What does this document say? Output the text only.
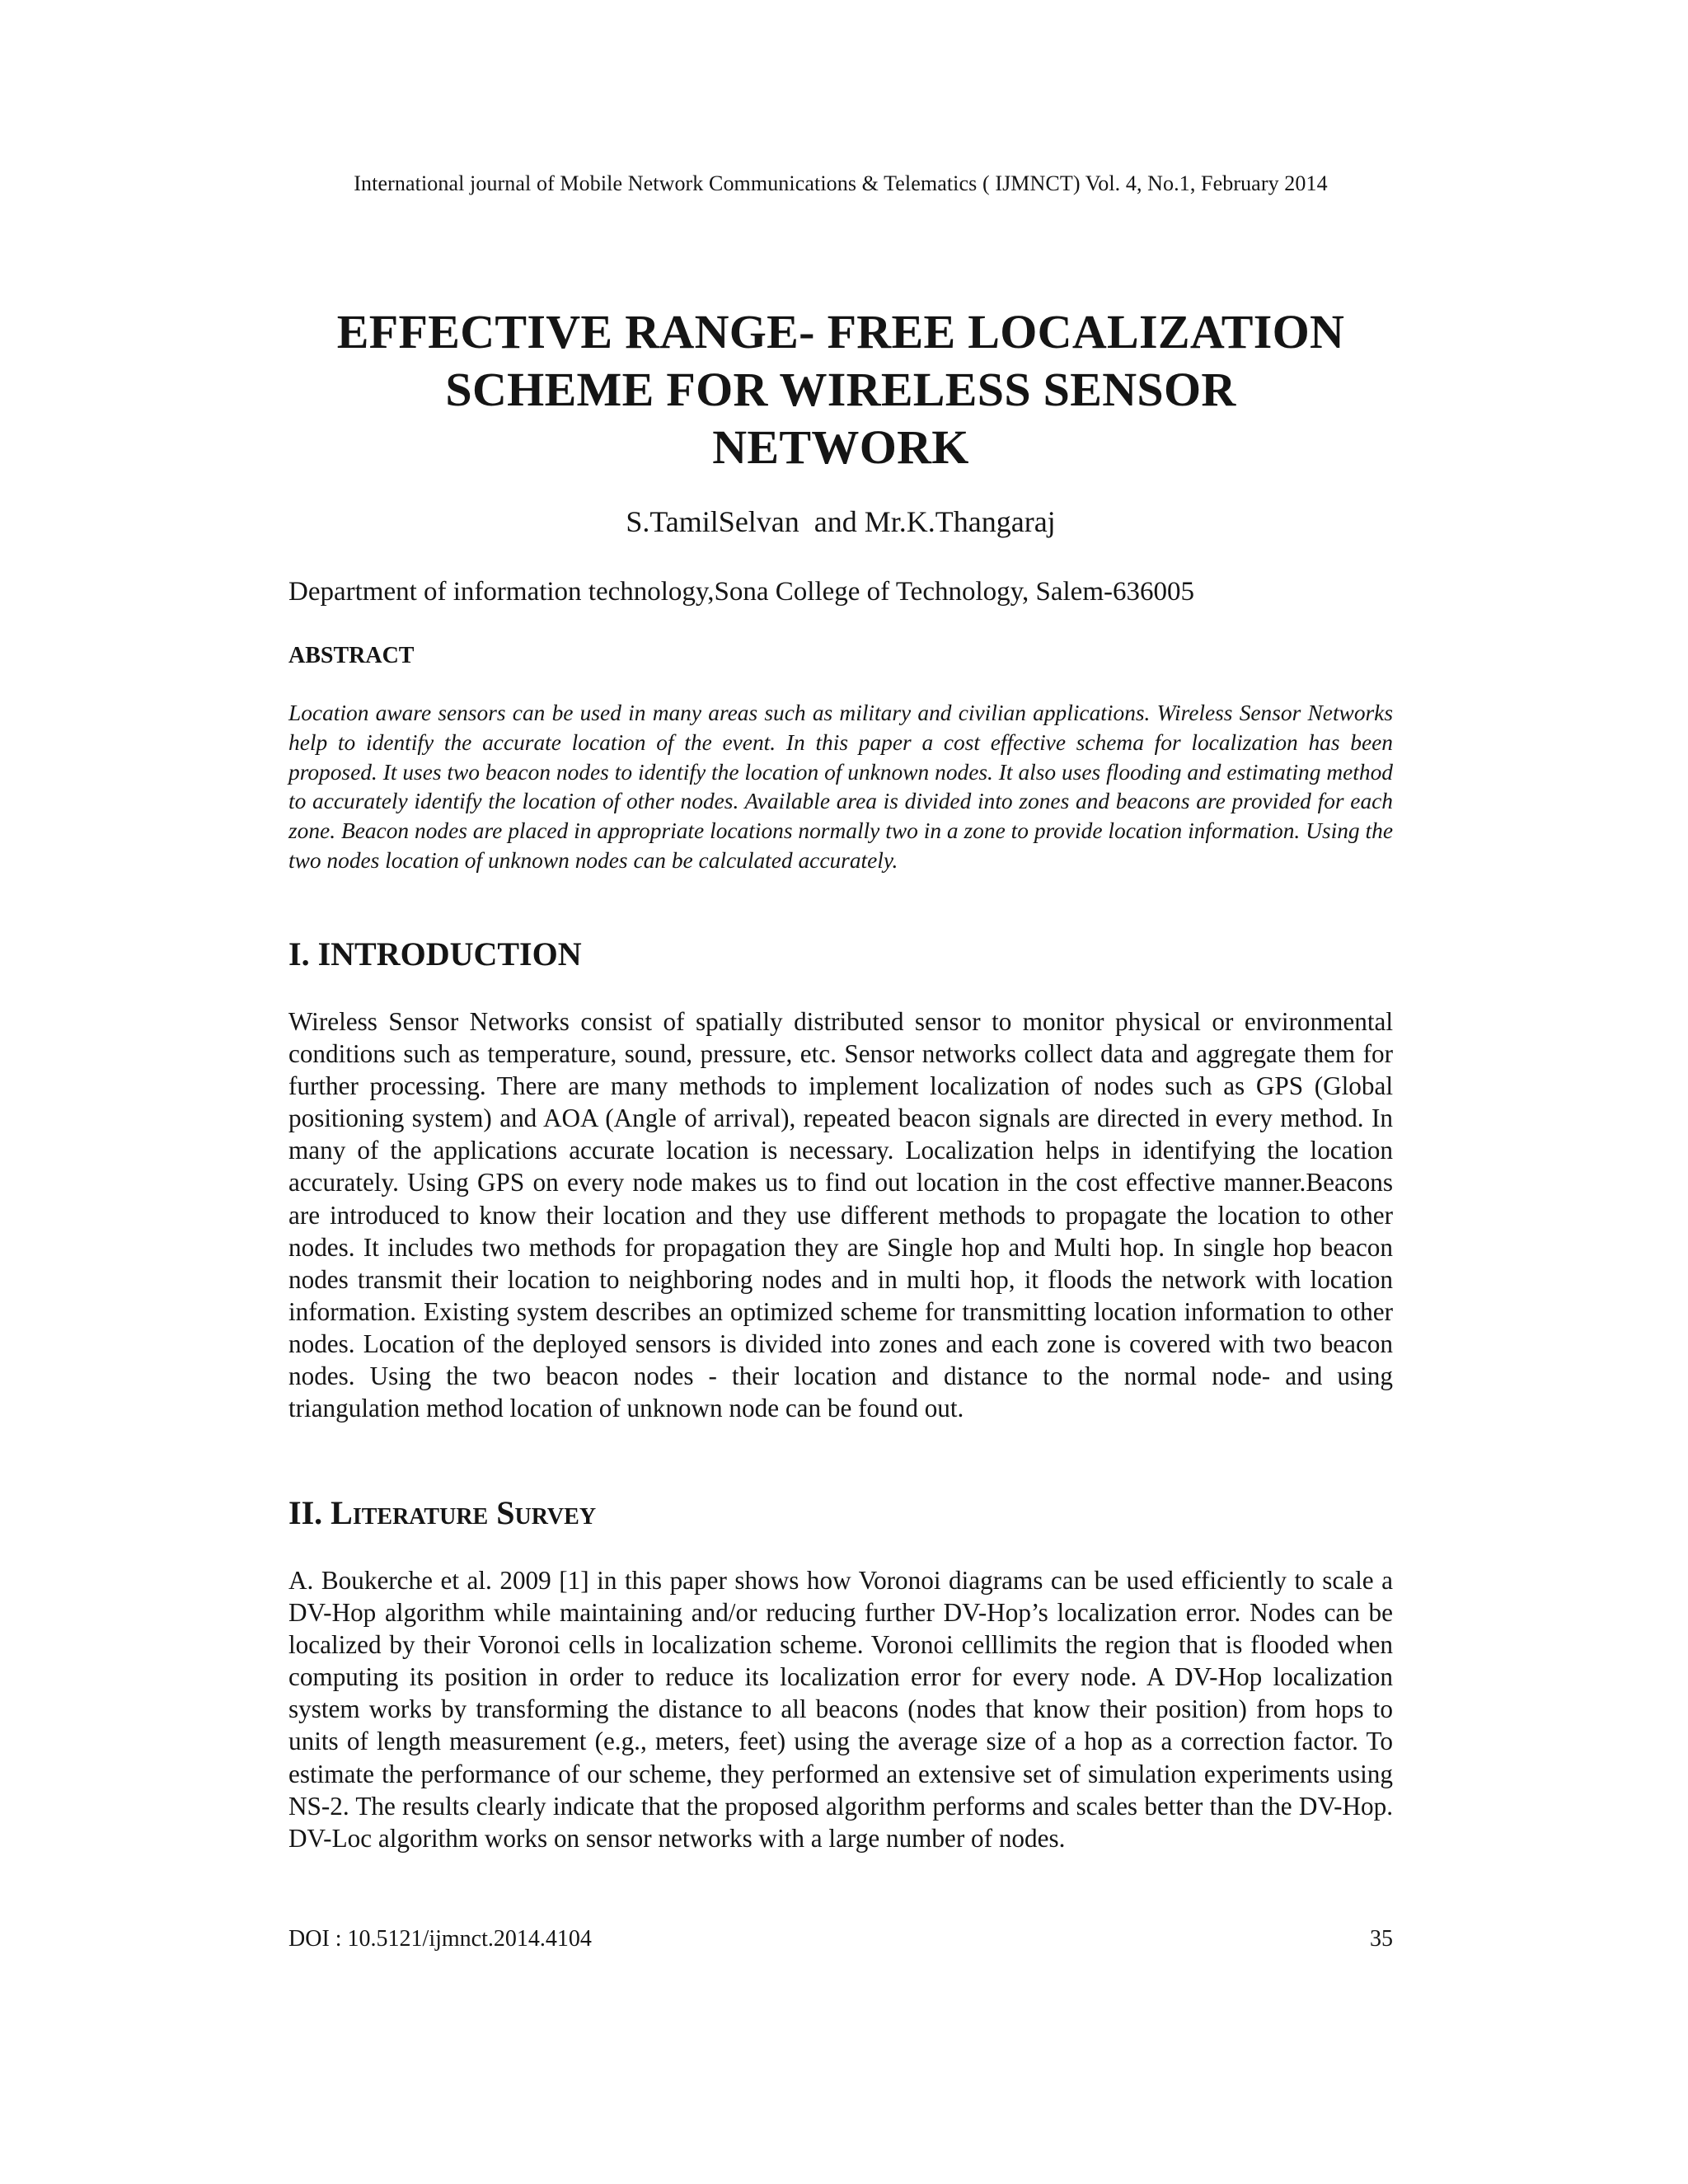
International journal of Mobile Network Communications & Telematics ( IJMNCT) Vol. 4, No.1, February 2014
EFFECTIVE RANGE- FREE LOCALIZATION
SCHEME FOR WIRELESS SENSOR
NETWORK
S.TamilSelvan  and Mr.K.Thangaraj
Department of information technology,Sona College of Technology, Salem-636005
ABSTRACT
Location aware sensors can be used in many areas such as military and civilian applications. Wireless Sensor Networks help to identify the accurate location of the event. In this paper a cost effective schema for localization has been proposed. It uses two beacon nodes to identify the location of unknown nodes. It also uses flooding and estimating method to accurately identify the location of other nodes. Available area is divided into zones and beacons are provided for each zone. Beacon nodes are placed in appropriate locations normally two in a zone to provide location information. Using the two nodes location of unknown nodes can be calculated accurately.
I. INTRODUCTION
Wireless Sensor Networks consist of spatially distributed sensor to monitor physical or environmental conditions such as temperature, sound, pressure, etc. Sensor networks collect data and aggregate them for further processing. There are many methods to implement localization of nodes such as GPS (Global positioning system) and AOA (Angle of arrival), repeated beacon signals are directed in every method. In many of the applications accurate location is necessary. Localization helps in identifying the location accurately. Using GPS on every node makes us to find out location in the cost effective manner.Beacons are introduced to know their location and they use different methods to propagate the location to other nodes. It includes two methods for propagation they are Single hop and Multi hop. In single hop beacon nodes transmit their location to neighboring nodes and in multi hop, it floods the network with location information. Existing system describes an optimized scheme for transmitting location information to other nodes. Location of the deployed sensors is divided into zones and each zone is covered with two beacon nodes. Using the two beacon nodes - their location and distance to the normal node- and using triangulation method location of unknown node can be found out.
II. Literature Survey
A. Boukerche et al. 2009 [1] in this paper shows how Voronoi diagrams can be used efficiently to scale a DV-Hop algorithm while maintaining and/or reducing further DV-Hop’s localization error. Nodes can be localized by their Voronoi cells in localization scheme. Voronoi celllimits the region that is flooded when computing its position in order to reduce its localization error for every node. A DV-Hop localization system works by transforming the distance to all beacons (nodes that know their position) from hops to units of length measurement (e.g., meters, feet) using the average size of a hop as a correction factor. To estimate the performance of our scheme, they performed an extensive set of simulation experiments using NS-2. The results clearly indicate that the proposed algorithm performs and scales better than the DV-Hop. DV-Loc algorithm works on sensor networks with a large number of nodes.
DOI : 10.5121/ijmnct.2014.4104	35
